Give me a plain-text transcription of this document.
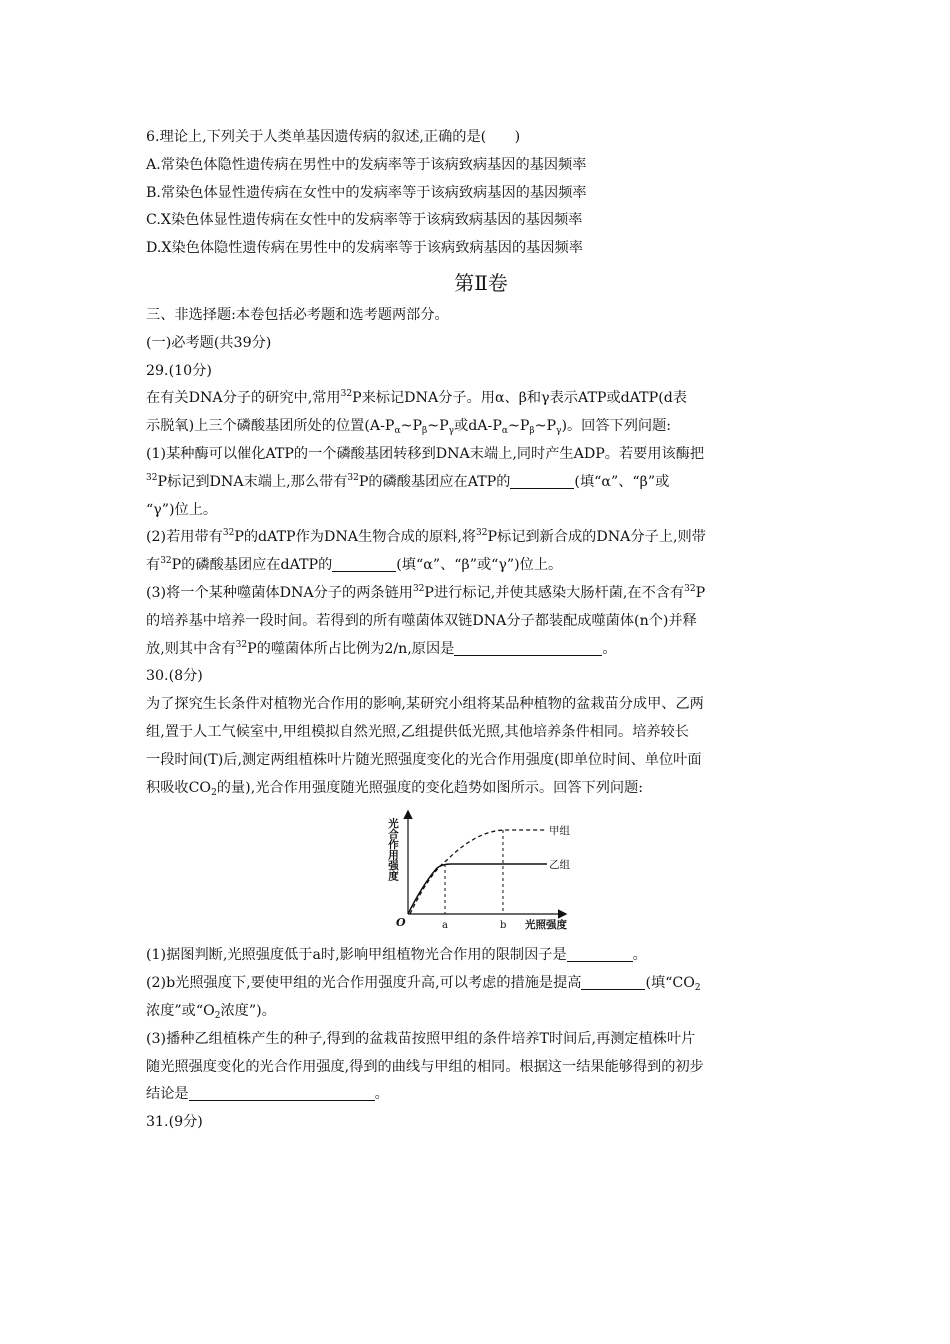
6.理论上,下列关于人类单基因遗传病的叙述,正确的是(　　)
A.常染色体隐性遗传病在男性中的发病率等于该病致病基因的基因频率
B.常染色体显性遗传病在女性中的发病率等于该病致病基因的基因频率
C.X染色体显性遗传病在女性中的发病率等于该病致病基因的基因频率
D.X染色体隐性遗传病在男性中的发病率等于该病致病基因的基因频率
第Ⅱ卷
三、非选择题:本卷包括必考题和选考题两部分。
(一)必考题(共39分)
29.(10分)
在有关DNA分子的研究中,常用$^{32}$P来标记DNA分子。用α、β和γ表示ATP或dATP(d表
示脱氧)上三个磷酸基团所处的位置($A-P_\alpha\sim P_\beta\sim P_\gamma$或$dA-P_\alpha\sim P_\beta\sim P_\gamma$)。回答下列问题:
(1)某种酶可以催化ATP的一个磷酸基团转移到DNA末端上,同时产生ADP。若要用该酶把
$^{32}$P标记到DNA末端上,那么带有$^{32}$P的磷酸基团应在ATP的	(填“α”、“β”或
“γ”)位上。
(2)若用带有$^{32}$P的dATP作为DNA生物合成的原料,将$^{32}$P标记到新合成的DNA分子上,则带
有$^{32}$P的磷酸基团应在dATP的	(填“α”、“β”或“γ”)位上。
(3)将一个某种噬菌体DNA分子的两条链用$^{32}$P进行标记,并使其感染大肠杆菌,在不含有$^{32}$P
的培养基中培养一段时间。若得到的所有噬菌体双链DNA分子都装配成噬菌体(n个)并释
放,则其中含有$^{32}$P的噬菌体所占比例为2/n,原因是	。
30.(8分)
为了探究生长条件对植物光合作用的影响,某研究小组将某品种植物的盆栽苗分成甲、乙两
组,置于人工气候室中,甲组模拟自然光照,乙组提供低光照,其他培养条件相同。培养较长
一段时间(T)后,测定两组植株叶片随光照强度变化的光合作用强度(即单位时间、单位叶面
积吸收$CO_2$的量),光合作用强度随光照强度的变化趋势如图所示。回答下列问题:
甲组
乙组
a	b
O	光照强度
光合作用强度
(1)据图判断,光照强度低于a时,影响甲组植物光合作用的限制因子是	。
(2)b光照强度下,要使甲组的光合作用强度升高,可以考虑的措施是提高	(填“$CO_2$
浓度”或“$O_2$浓度”)。
(3)播种乙组植株产生的种子,得到的盆栽苗按照甲组的条件培养T时间后,再测定植株叶片
随光照强度变化的光合作用强度,得到的曲线与甲组的相同。根据这一结果能够得到的初步
结论是	。
31.(9分)
